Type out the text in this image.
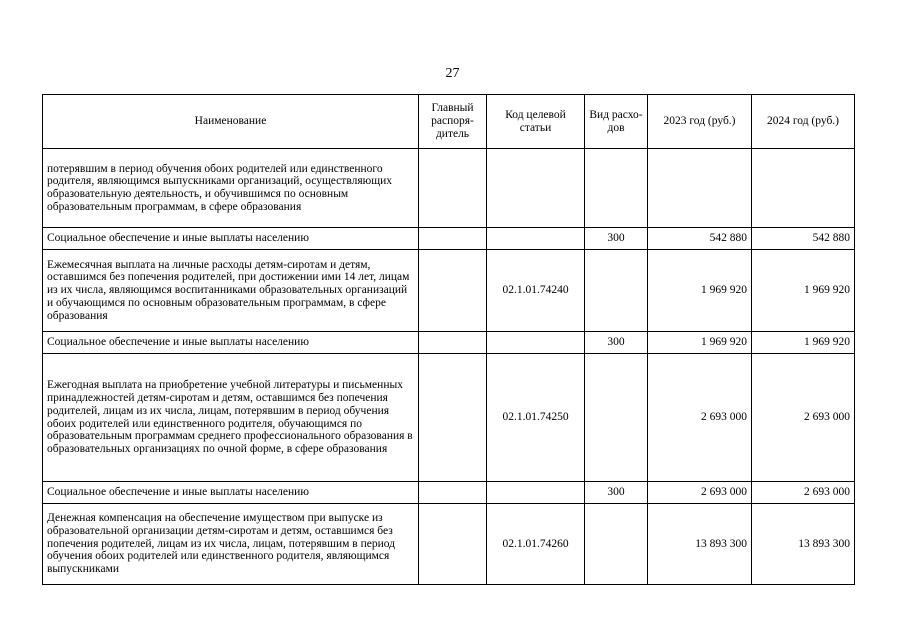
27
Наименование	Главный распоря-дитель	Код целевой статьи	Вид расхо-дов	2023 год (руб.)	2024 год (руб.)
потерявшим в период обучения обоих родителей или единственного родителя, являющимся выпускниками организаций, осуществляющих образовательную деятельность, и обучившимся по основным образовательным программам, в сфере образования					
Социальное обеспечение и иные выплаты населению			300	542 880	542 880
Ежемесячная выплата на личные расходы детям-сиротам и детям, оставшимся без попечения родителей, при достижении ими 14 лет, лицам из их числа, являющимся воспитанниками образовательных организаций и обучающимся по основным образовательным программам, в сфере образования		02.1.01.74240		1 969 920	1 969 920
Социальное обеспечение и иные выплаты населению			300	1 969 920	1 969 920
Ежегодная выплата на приобретение учебной литературы и письменных принадлежностей детям-сиротам и детям, оставшимся без попечения родителей, лицам из их числа, лицам, потерявшим в период обучения обоих родителей или единственного родителя, обучающимся по образовательным программам среднего профессионального образования в образовательных организациях по очной форме, в сфере образования		02.1.01.74250		2 693 000	2 693 000
Социальное обеспечение и иные выплаты населению			300	2 693 000	2 693 000
Денежная компенсация на обеспечение имуществом при выпуске из образовательной организации детям-сиротам и детям, оставшимся без попечения родителей, лицам из их числа, лицам, потерявшим в период обучения обоих родителей или единственного родителя, являющимся выпускниками		02.1.01.74260		13 893 300	13 893 300
